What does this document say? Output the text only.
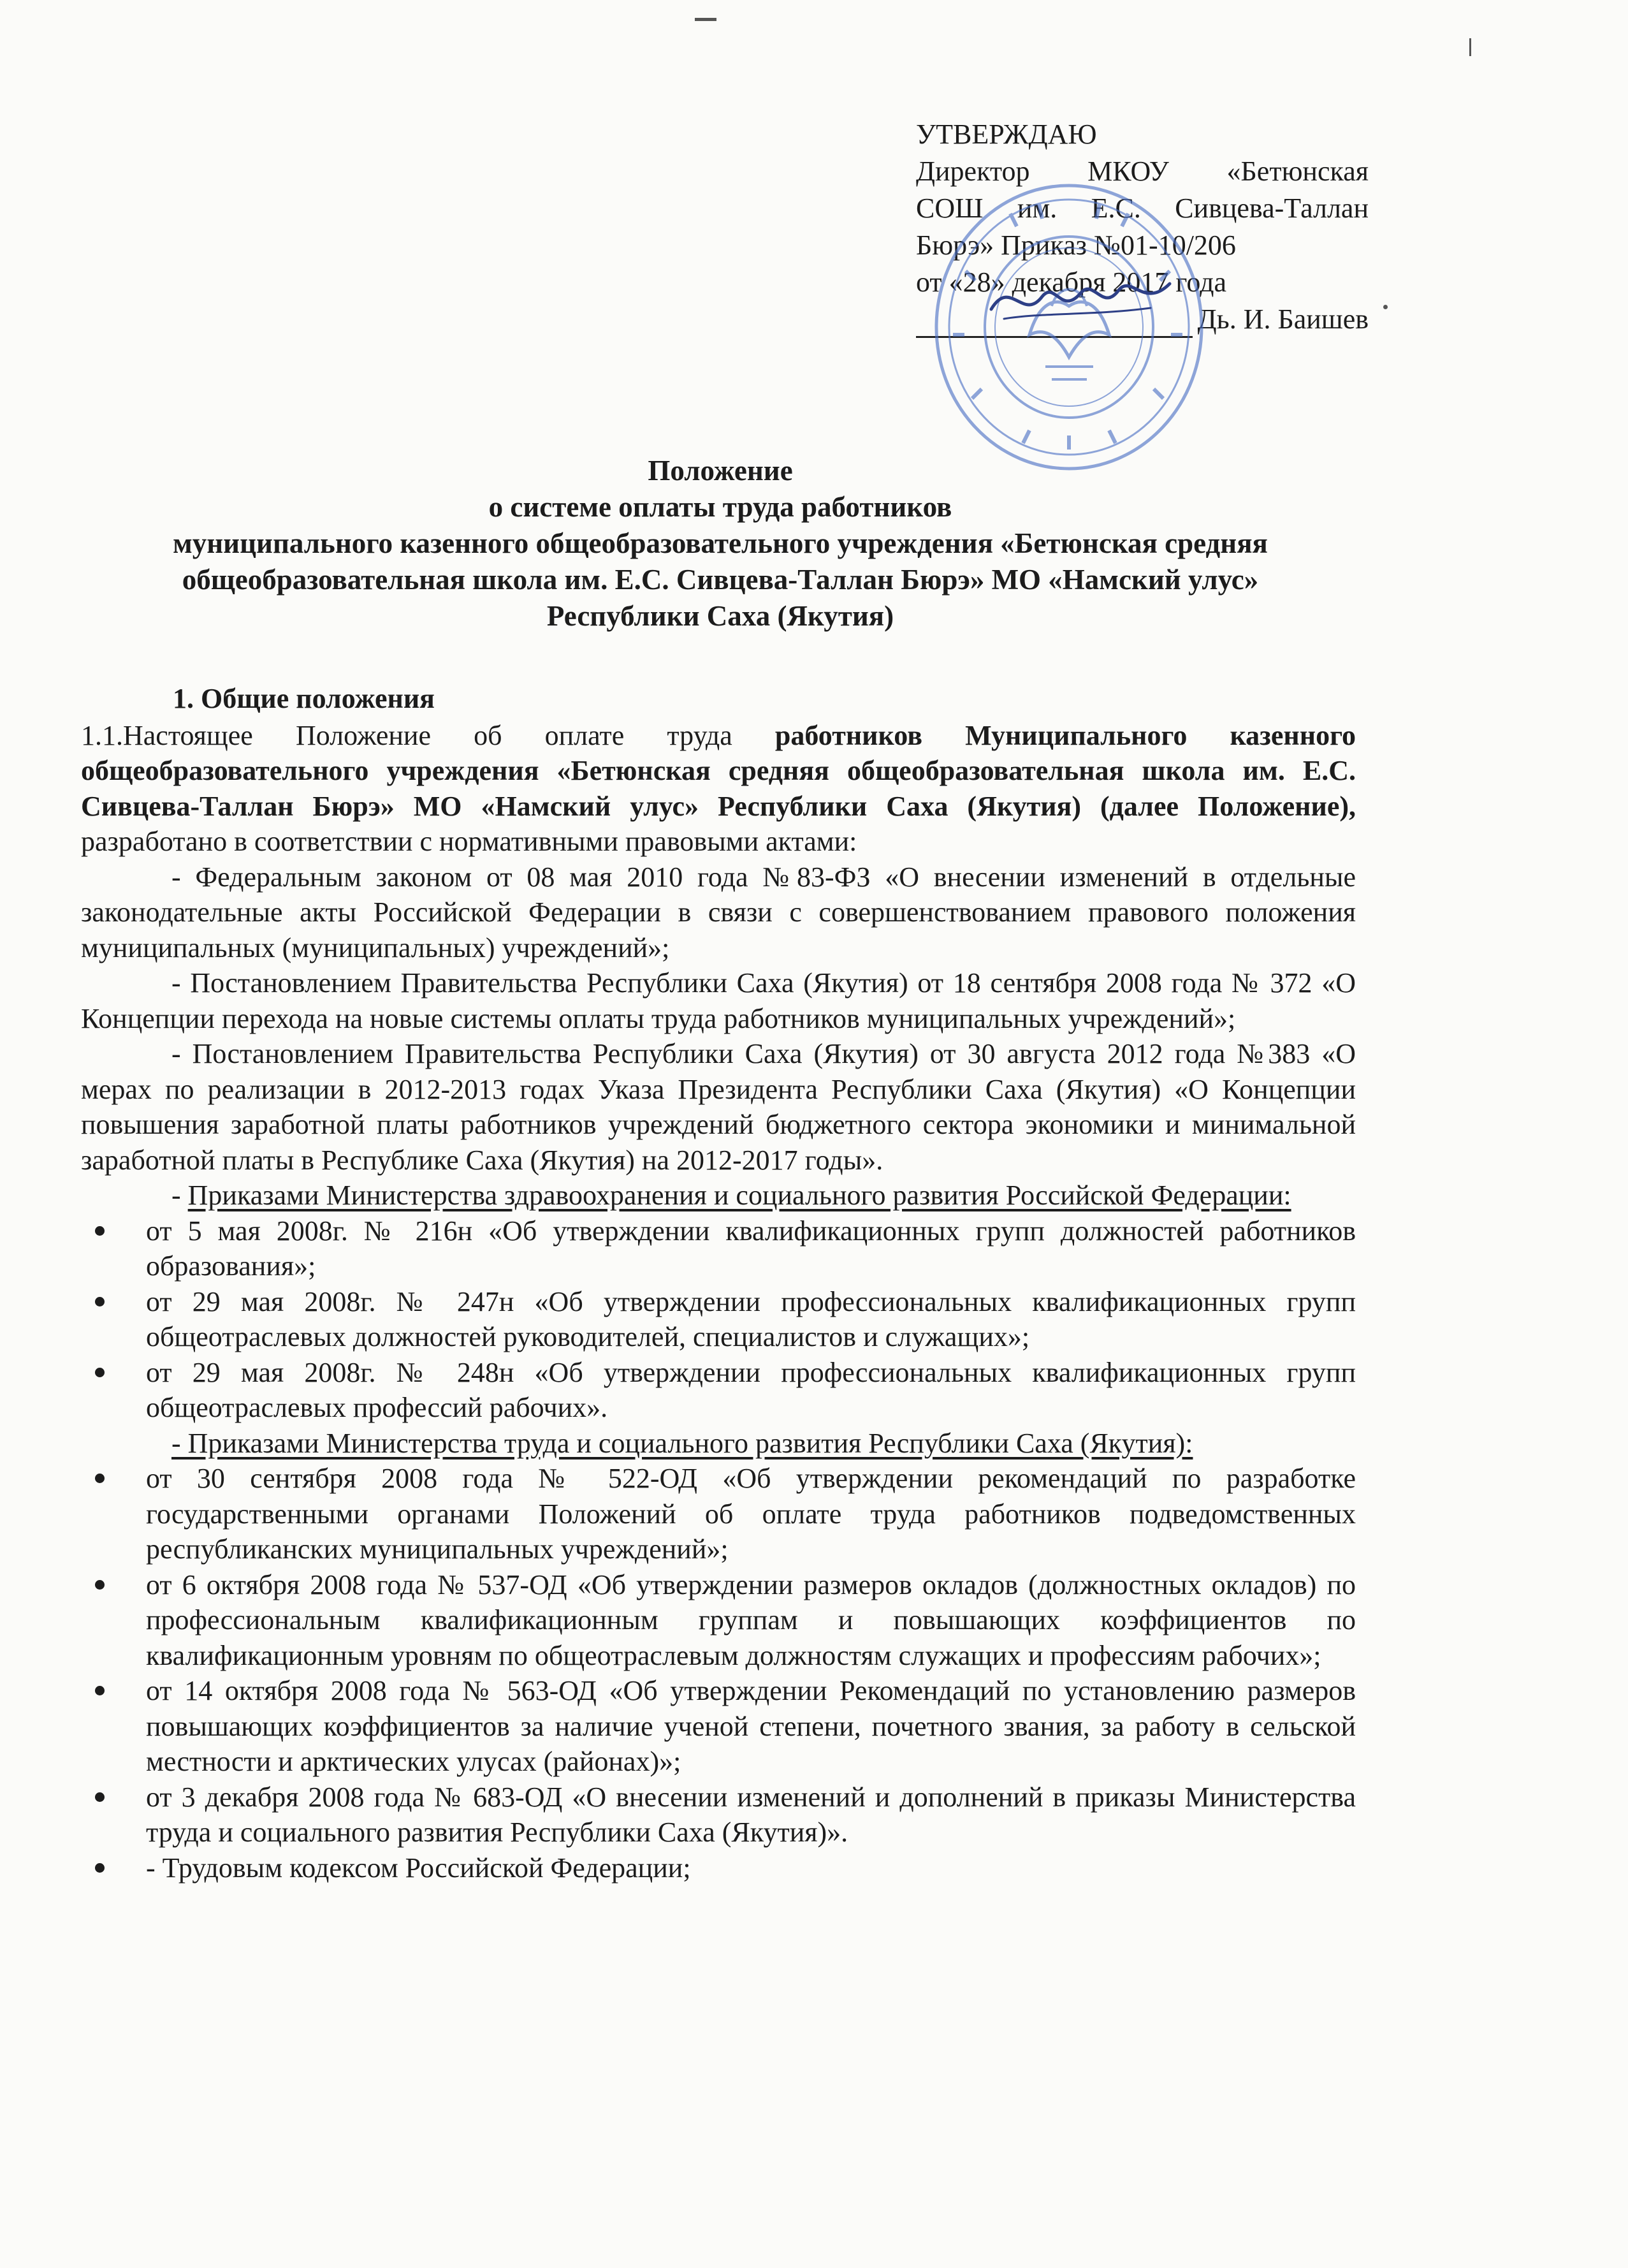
УТВЕРЖДАЮ
Директор МКОУ «Бетюнская
СОШ им. Е.С. Сивцева-Таллан
Бюрэ» Приказ №01-10/206
от «28» декабря 2017 года
Дь. И. Баишев
Положение
о системе оплаты труда работников
муниципального казенного общеобразовательного учреждения «Бетюнская средняя
общеобразовательная школа им. Е.С. Сивцева-Таллан Бюрэ» МО «Намский улус»
Республики Саха (Якутия)

1. Общие положения

1.1.Настоящее Положение об оплате труда работников Муниципального казенного общеобразовательного учреждения «Бетюнская средняя общеобразовательная школа им. Е.С. Сивцева-Таллан Бюрэ» МО «Намский улус» Республики Саха (Якутия) (далее Положение), разработано в соответствии с нормативными правовыми актами:

- Федеральным законом от 08 мая 2010 года №83-ФЗ «О внесении изменений в отдельные законодательные акты Российской Федерации в связи с совершенствованием правового положения муниципальных (муниципальных) учреждений»;

- Постановлением Правительства Республики Саха (Якутия) от 18 сентября 2008 года № 372 «О Концепции перехода на новые системы оплаты труда работников муниципальных учреждений»;

- Постановлением Правительства Республики Саха (Якутия) от 30 августа 2012 года №383 «О мерах по реализации в 2012-2013 годах Указа Президента Республики Саха (Якутия) «О Концепции повышения заработной платы работников учреждений бюджетного сектора экономики и минимальной заработной платы в Республике Саха (Якутия) на 2012-2017 годы».

- Приказами Министерства здравоохранения и социального развития Российской Федерации:

от 5 мая 2008г. № 216н «Об утверждении квалификационных групп должностей работников образования»;
от 29 мая 2008г. № 247н «Об утверждении профессиональных квалификационных групп общеотраслевых должностей руководителей, специалистов и служащих»;
от 29 мая 2008г. № 248н «Об утверждении профессиональных квалификационных групп общеотраслевых профессий рабочих».

- Приказами Министерства труда и социального развития Республики Саха (Якутия):

от 30 сентября 2008 года № 522-ОД «Об утверждении рекомендаций по разработке государственными органами Положений об оплате труда работников подведомственных республиканских муниципальных учреждений»;
от 6 октября 2008 года № 537-ОД «Об утверждении размеров окладов (должностных окладов) по профессиональным квалификационным группам и повышающих коэффициентов по квалификационным уровням по общеотраслевым должностям служащих и профессиям рабочих»;
от 14 октября 2008 года № 563-ОД «Об утверждении Рекомендаций по установлению размеров повышающих коэффициентов за наличие ученой степени, почетного звания, за работу в сельской местности и арктических улусах (районах)»;
от 3 декабря 2008 года № 683-ОД «О внесении изменений и дополнений в приказы Министерства труда и социального развития Республики Саха (Якутия)».
- Трудовым кодексом Российской Федерации;
